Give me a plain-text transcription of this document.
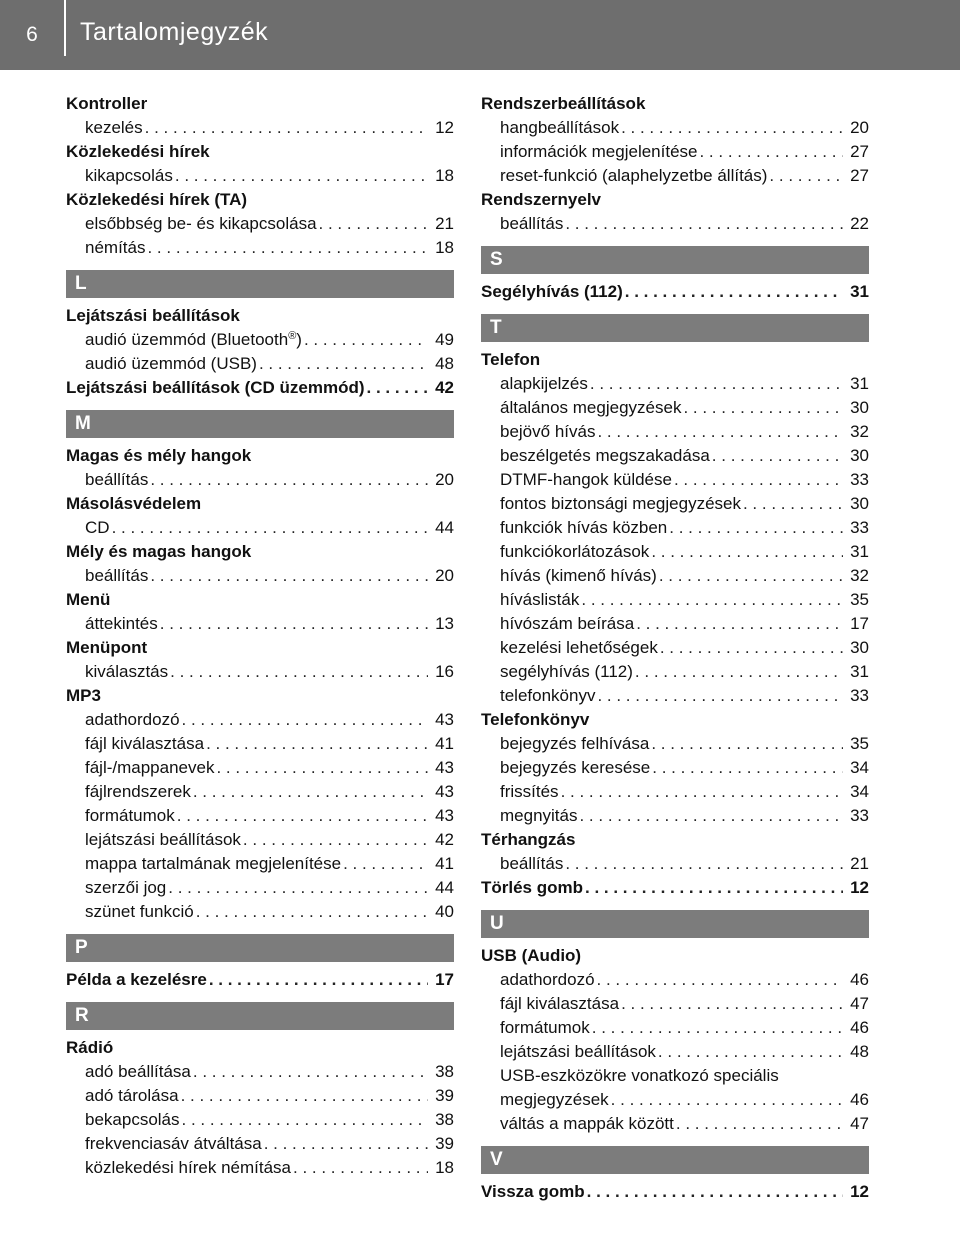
6	Tartalomjegyzék
Kontroller
kezelés . . .	12
Közlekedési hírek
kikapcsolás . . .	18
Közlekedési hírek (TA)
elsőbbség be- és kikapcsolása . . .	21
némítás . . .	18
L
Lejátszási beállítások
audió üzemmód (Bluetooth®) . . .	49
audió üzemmód (USB) . . .	48
Lejátszási beállítások (CD üzemmód) . . .	42
M
Magas és mély hangok
beállítás . . .	20
Másolásvédelem
CD . . .	44
Mély és magas hangok
beállítás . . .	20
Menü
áttekintés . . .	13
Menüpont
kiválasztás . . .	16
MP3
adathordozó . . .	43
fájl kiválasztása . . .	41
fájl-/mappanevek . . .	43
fájlrendszerek . . .	43
formátumok . . .	43
lejátszási beállítások . . .	42
mappa tartalmának megjelenítése . . .	41
szerzői jog . . .	44
szünet funkció . . .	40
P
Példa a kezelésre . . .	17
R
Rádió
adó beállítása . . .	38
adó tárolása . . .	39
bekapcsolás . . .	38
frekvenciasáv átváltása . . .	39
közlekedési hírek némítása . . .	18
Rendszerbeállítások
hangbeállítások . . .	20
információk megjelenítése . . .	27
reset-funkció (alaphelyzetbe állítás) . . .	27
Rendszernyelv
beállítás . . .	22
S
Segélyhívás (112) . . .	31
T
Telefon
alapkijelzés . . .	31
általános megjegyzések . . .	30
bejövő hívás . . .	32
beszélgetés megszakadása . . .	30
DTMF-hangok küldése . . .	33
fontos biztonsági megjegyzések . . .	30
funkciók hívás közben . . .	33
funkciókorlátozások . . .	31
hívás (kimenő hívás) . . .	32
híváslisták . . .	35
hívószám beírása . . .	17
kezelési lehetőségek . . .	30
segélyhívás (112) . . .	31
telefonkönyv . . .	33
Telefonkönyv
bejegyzés felhívása . . .	35
bejegyzés keresése . . .	34
frissítés . . .	34
megnyitás . . .	33
Térhangzás
beállítás . . .	21
Törlés gomb . . .	12
U
USB (Audio)
adathordozó . . .	46
fájl kiválasztása . . .	47
formátumok . . .	46
lejátszási beállítások . . .	48
USB-eszközökre vonatkozó speciális
megjegyzések . . .	46
váltás a mappák között . . .	47
V
Vissza gomb . . .	12
